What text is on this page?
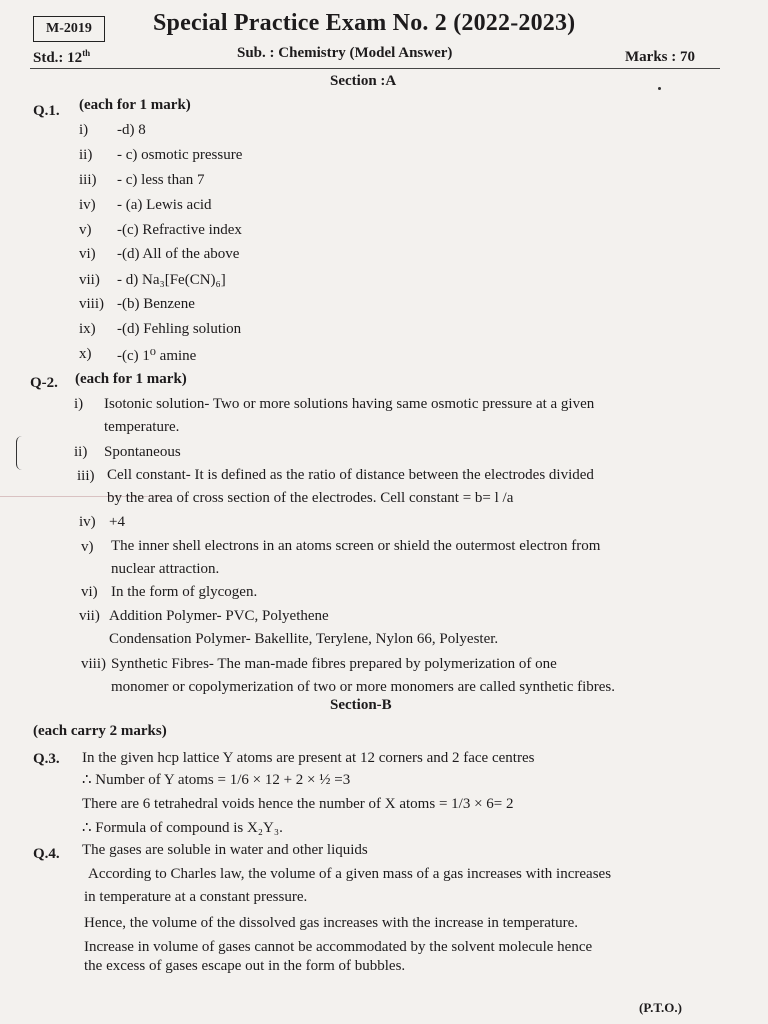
M-2019	Special Practice Exam No. 2 (2022-2023)
Std.: 12th	Sub. : Chemistry (Model Answer)	Marks : 70
Section :A
Q.1. (each for 1 mark)
i) -d) 8
ii) - c) osmotic pressure
iii) - c) less than 7
iv) - (a) Lewis acid
v) -(c) Refractive index
vi) -(d) All of the above
vii) - d) Na₃[Fe(CN)₆]
viii) -(b) Benzene
ix) -(d) Fehling solution
x) -(c) 1⁰ amine
Q-2. (each for 1 mark)
i) Isotonic solution- Two or more solutions having same osmotic pressure at a given
temperature.
ii) Spontaneous
iii) Cell constant- It is defined as the ratio of distance between the electrodes divided
by the area of cross section of the electrodes. Cell constant = b= l /a
iv) +4
v) The inner shell electrons in an atoms screen or shield the outermost electron from
nuclear attraction.
vi) In the form of glycogen.
vii) Addition Polymer- PVC, Polyethene
Condensation Polymer- Bakellite, Terylene, Nylon 66, Polyester.
viii) Synthetic Fibres- The man-made fibres prepared by polymerization of one
monomer or copolymerization of two or more monomers are called synthetic fibres.
Section-B
(each carry 2 marks)
Q.3. In the given hcp lattice Y atoms are present at 12 corners and 2 face centres
∴ Number of Y atoms = 1/6 × 12 + 2 × ½ =3
There are 6 tetrahedral voids hence the number of X atoms = 1/3 × 6= 2
∴ Formula of compound is X₂Y₃.
Q.4. The gases are soluble in water and other liquids
According to Charles law, the volume of a given mass of a gas increases with increases
in temperature at a constant pressure.
Hence, the volume of the dissolved gas increases with the increase in temperature.
Increase in volume of gases cannot be accommodated by the solvent molecule hence
the excess of gases escape out in the form of bubbles.
(P.T.O.)
